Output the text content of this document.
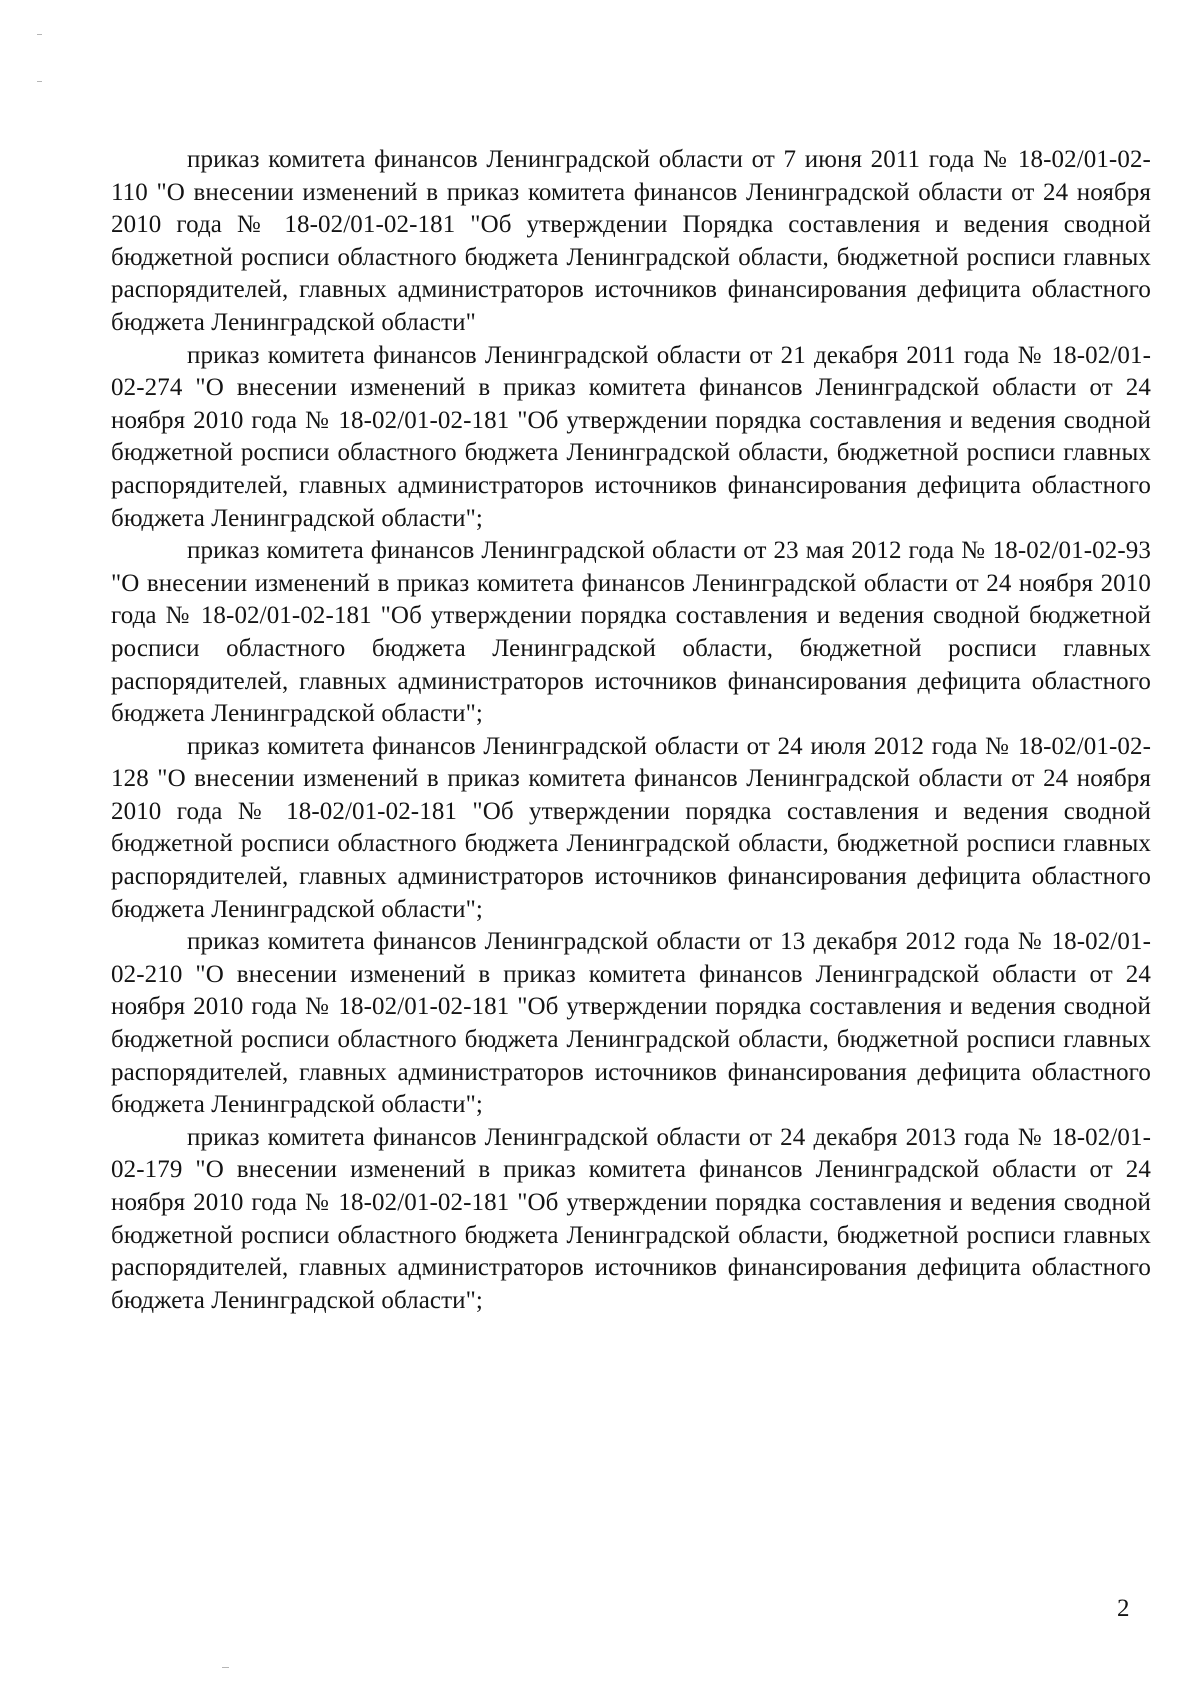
приказ комитета финансов Ленинградской области от 7 июня 2011 года № 18-02/01-02-110 "О внесении изменений в приказ комитета финансов Ленинградской области от 24 ноября 2010 года № 18-02/01-02-181 "Об утверждении Порядка составления и ведения сводной бюджетной росписи областного бюджета Ленинградской области, бюджетной росписи главных распорядителей, главных администраторов источников финансирования дефицита областного бюджета Ленинградской области"

приказ комитета финансов Ленинградской области от 21 декабря 2011 года № 18-02/01-02-274 "О внесении изменений в приказ комитета финансов Ленинградской области от 24 ноября 2010 года № 18-02/01-02-181 "Об утверждении порядка составления и ведения сводной бюджетной росписи областного бюджета Ленинградской области, бюджетной росписи главных распорядителей, главных администраторов источников финансирования дефицита областного бюджета Ленинградской области";

приказ комитета финансов Ленинградской области от 23 мая 2012 года № 18-02/01-02-93 "О внесении изменений в приказ комитета финансов Ленинградской области от 24 ноября 2010 года № 18-02/01-02-181 "Об утверждении порядка составления и ведения сводной бюджетной росписи областного бюджета Ленинградской области, бюджетной росписи главных распорядителей, главных администраторов источников финансирования дефицита областного бюджета Ленинградской области";

приказ комитета финансов Ленинградской области от 24 июля 2012 года № 18-02/01-02-128 "О внесении изменений в приказ комитета финансов Ленинградской области от 24 ноября 2010 года № 18-02/01-02-181 "Об утверждении порядка составления и ведения сводной бюджетной росписи областного бюджета Ленинградской области, бюджетной росписи главных распорядителей, главных администраторов источников финансирования дефицита областного бюджета Ленинградской области";

приказ комитета финансов Ленинградской области от 13 декабря 2012 года № 18-02/01-02-210 "О внесении изменений в приказ комитета финансов Ленинградской области от 24 ноября 2010 года № 18-02/01-02-181 "Об утверждении порядка составления и ведения сводной бюджетной росписи областного бюджета Ленинградской области, бюджетной росписи главных распорядителей, главных администраторов источников финансирования дефицита областного бюджета Ленинградской области";

приказ комитета финансов Ленинградской области от 24 декабря 2013 года № 18-02/01-02-179 "О внесении изменений в приказ комитета финансов Ленинградской области от 24 ноября 2010 года № 18-02/01-02-181 "Об утверждении порядка составления и ведения сводной бюджетной росписи областного бюджета Ленинградской области, бюджетной росписи главных распорядителей, главных администраторов источников финансирования дефицита областного бюджета Ленинградской области";

2
